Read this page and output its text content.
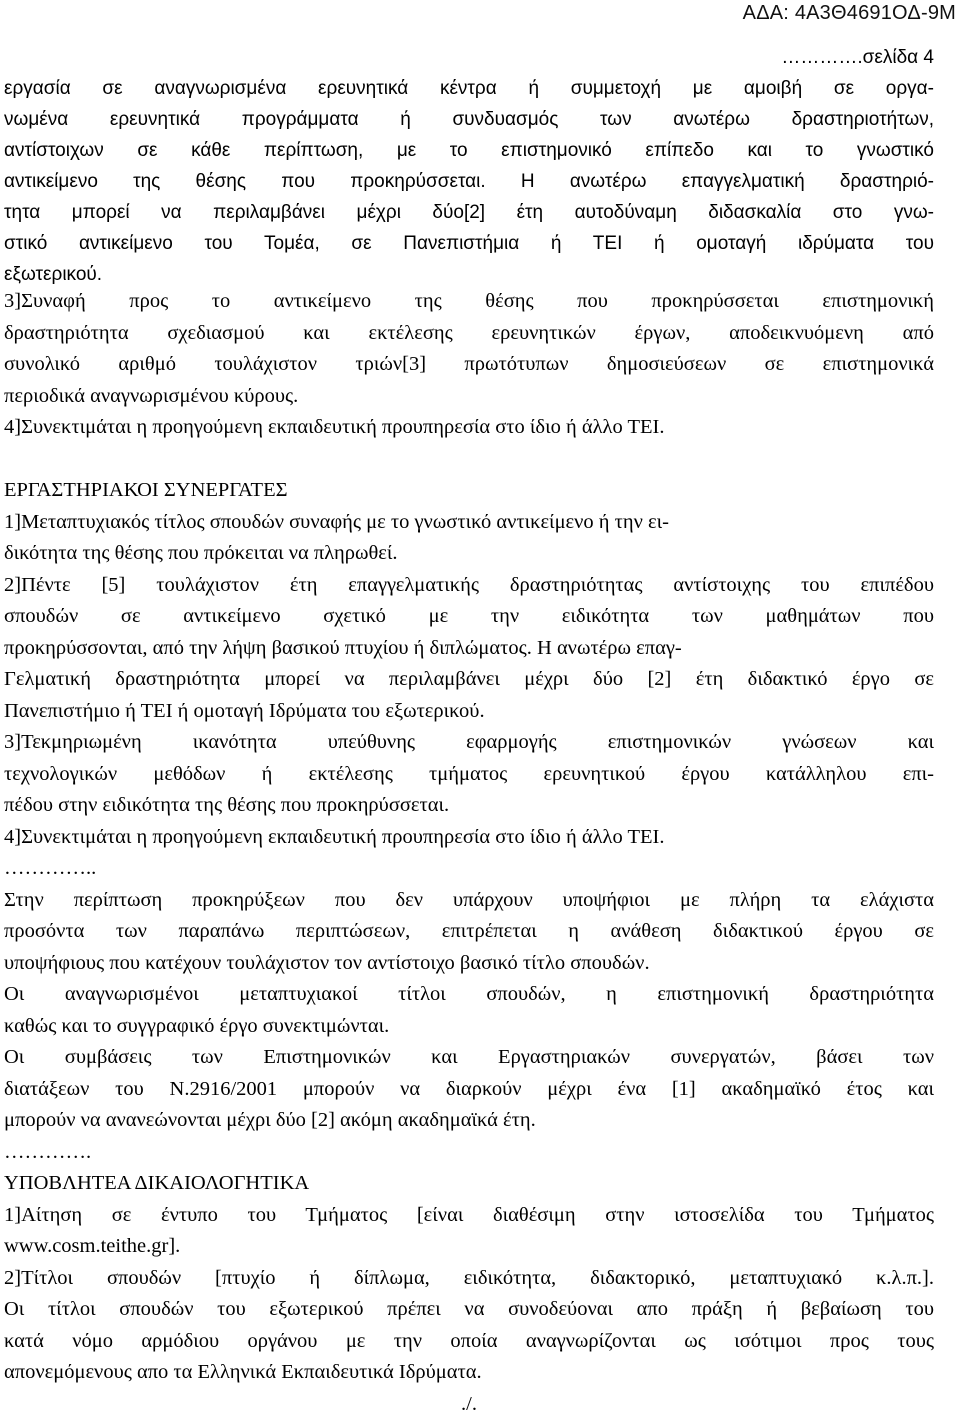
ΑΔΑ: 4Α3Θ4691ΟΔ-9Μ
………….σελίδα 4
εργασία σε αναγνωρισμένα ερευνητικά κέντρα ή συμμετοχή με αμοιβή σε οργα-
νωμένα ερευνητικά προγράμματα ή συνδυασμός των ανωτέρω δραστηριοτήτων,
αντίστοιχων σε κάθε περίπτωση, με το επιστημονικό επίπεδο και το γνωστικό
αντικείμενο της θέσης που προκηρύσσεται. Η ανωτέρω επαγγελματική δραστηριό-
τητα μπορεί να περιλαμβάνει μέχρι δύο[2] έτη αυτοδύναμη διδασκαλία στο γνω-
στικό αντικείμενο του Τομέα, σε Πανεπιστήμια ή ΤΕΙ ή ομοταγή ιδρύματα του
εξωτερικού.
3]Συναφή προς το αντικείμενο της θέσης που προκηρύσσεται επιστημονική
δραστηριότητα σχεδιασμού και εκτέλεσης ερευνητικών έργων, αποδεικνυόμενη από
συνολικό αριθμό τουλάχιστον τριών[3] πρωτότυπων δημοσιεύσεων σε επιστημονικά
περιοδικά αναγνωρισμένου κύρους.
4]Συνεκτιμάται η προηγούμενη εκπαιδευτική προυπηρεσία στο ίδιο ή άλλο ΤΕΙ.
ΕΡΓΑΣΤΗΡΙΑΚΟΙ ΣΥΝΕΡΓΑΤΕΣ
1]Μεταπτυχιακός τίτλος σπουδών συναφής με το γνωστικό αντικείμενο ή την ει-
δικότητα της θέσης που πρόκειται να πληρωθεί.
2]Πέντε [5] τουλάχιστον έτη επαγγελματικής δραστηριότητας αντίστοιχης του επιπέδου
σπουδών σε αντικείμενο σχετικό με την ειδικότητα των μαθημάτων που
προκηρύσσονται, από την λήψη βασικού πτυχίου ή διπλώματος. Η ανωτέρω επαγ-
Γελματική δραστηριότητα μπορεί να περιλαμβάνει μέχρι δύο [2] έτη διδακτικό έργο σε
Πανεπιστήμιο ή ΤΕΙ ή ομοταγή Ιδρύματα του εξωτερικού.
3]Τεκμηριωμένη ικανότητα υπεύθυνης εφαρμογής επιστημονικών γνώσεων και
τεχνολογικών μεθόδων ή εκτέλεσης τμήματος ερευνητικού έργου κατάλληλου επι-
πέδου στην ειδικότητα της θέσης που προκηρύσσεται.
4]Συνεκτιμάται η προηγούμενη εκπαιδευτική προυπηρεσία στο ίδιο ή άλλο ΤΕΙ.
…………..
Στην περίπτωση προκηρύξεων που δεν υπάρχουν υποψήφιοι με πλήρη τα ελάχιστα
προσόντα των παραπάνω περιπτώσεων, επιτρέπεται η ανάθεση διδακτικού έργου σε
υποψήφιους που κατέχουν τουλάχιστον τον αντίστοιχο βασικό τίτλο σπουδών.
Οι αναγνωρισμένοι μεταπτυχιακοί τίτλοι σπουδών, η επιστημονική δραστηριότητα
καθώς και το συγγραφικό έργο συνεκτιμώνται.
Οι συμβάσεις των Επιστημονικών και Εργαστηριακών συνεργατών, βάσει των
διατάξεων του Ν.2916/2001 μπορούν να διαρκούν μέχρι ένα [1] ακαδημαϊκό έτος και
μπορούν να ανανεώνονται μέχρι δύο [2] ακόμη ακαδημαϊκά έτη.
………….
ΥΠΟΒΛΗΤΕΑ ΔΙΚΑΙΟΛΟΓΗΤΙΚΑ
1]Αίτηση σε έντυπο του Τμήματος [είναι διαθέσιμη στην ιστοσελίδα του Τμήματος
www.cosm.teithe.gr].
2]Τίτλοι σπουδών [πτυχίο ή δίπλωμα, ειδικότητα, διδακτορικό, μεταπτυχιακό κ.λ.π.].
Οι τίτλοι σπουδών του εξωτερικού πρέπει να συνοδεύοναι απο πράξη ή βεβαίωση του
κατά νόμο αρμόδιου οργάνου με την οποία αναγνωρίζονται ως ισότιμοι προς τους
απονεμόμενους απο τα Ελληνικά Εκπαιδευτικά Ιδρύματα.
./.
